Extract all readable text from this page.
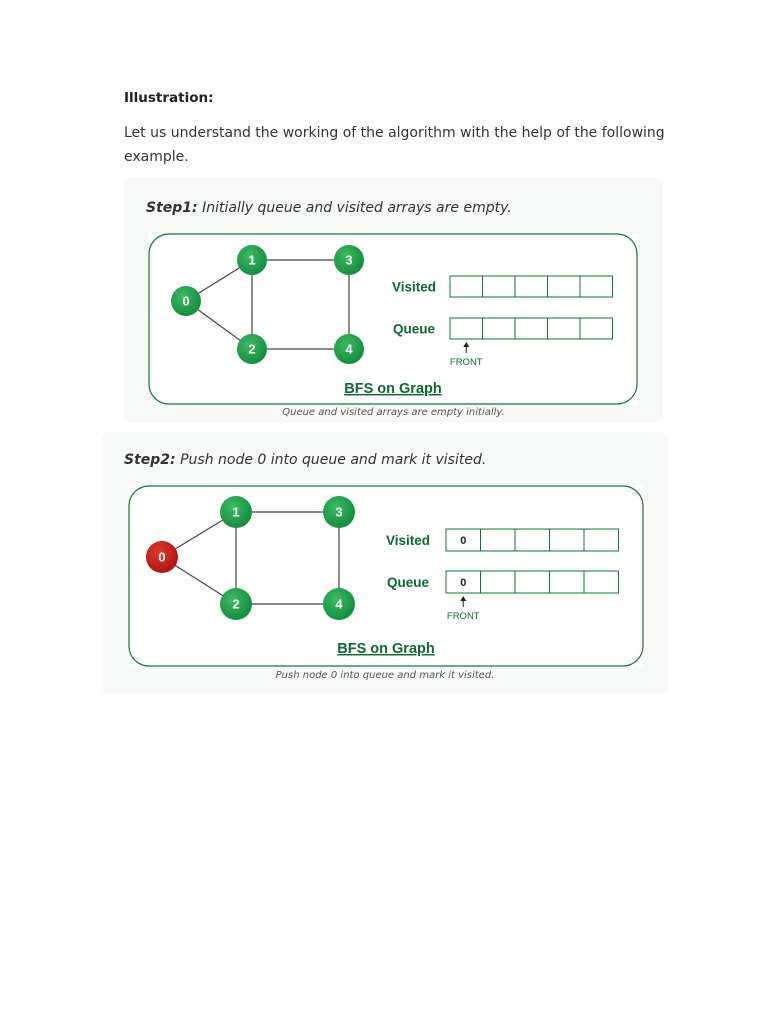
Illustration:
Let us understand the working of the algorithm with the help of the following example.
Step1: Initially queue and visited arrays are empty.
0
1
2
3
4
Visited
Queue
FRONT
BFS on Graph
Queue and visited arrays are empty initially.
Step2: Push node 0 into queue and mark it visited.
0
1
2
3
4
Visited
Queue
0
0
FRONT
BFS on Graph
Push node 0 into queue and mark it visited.
